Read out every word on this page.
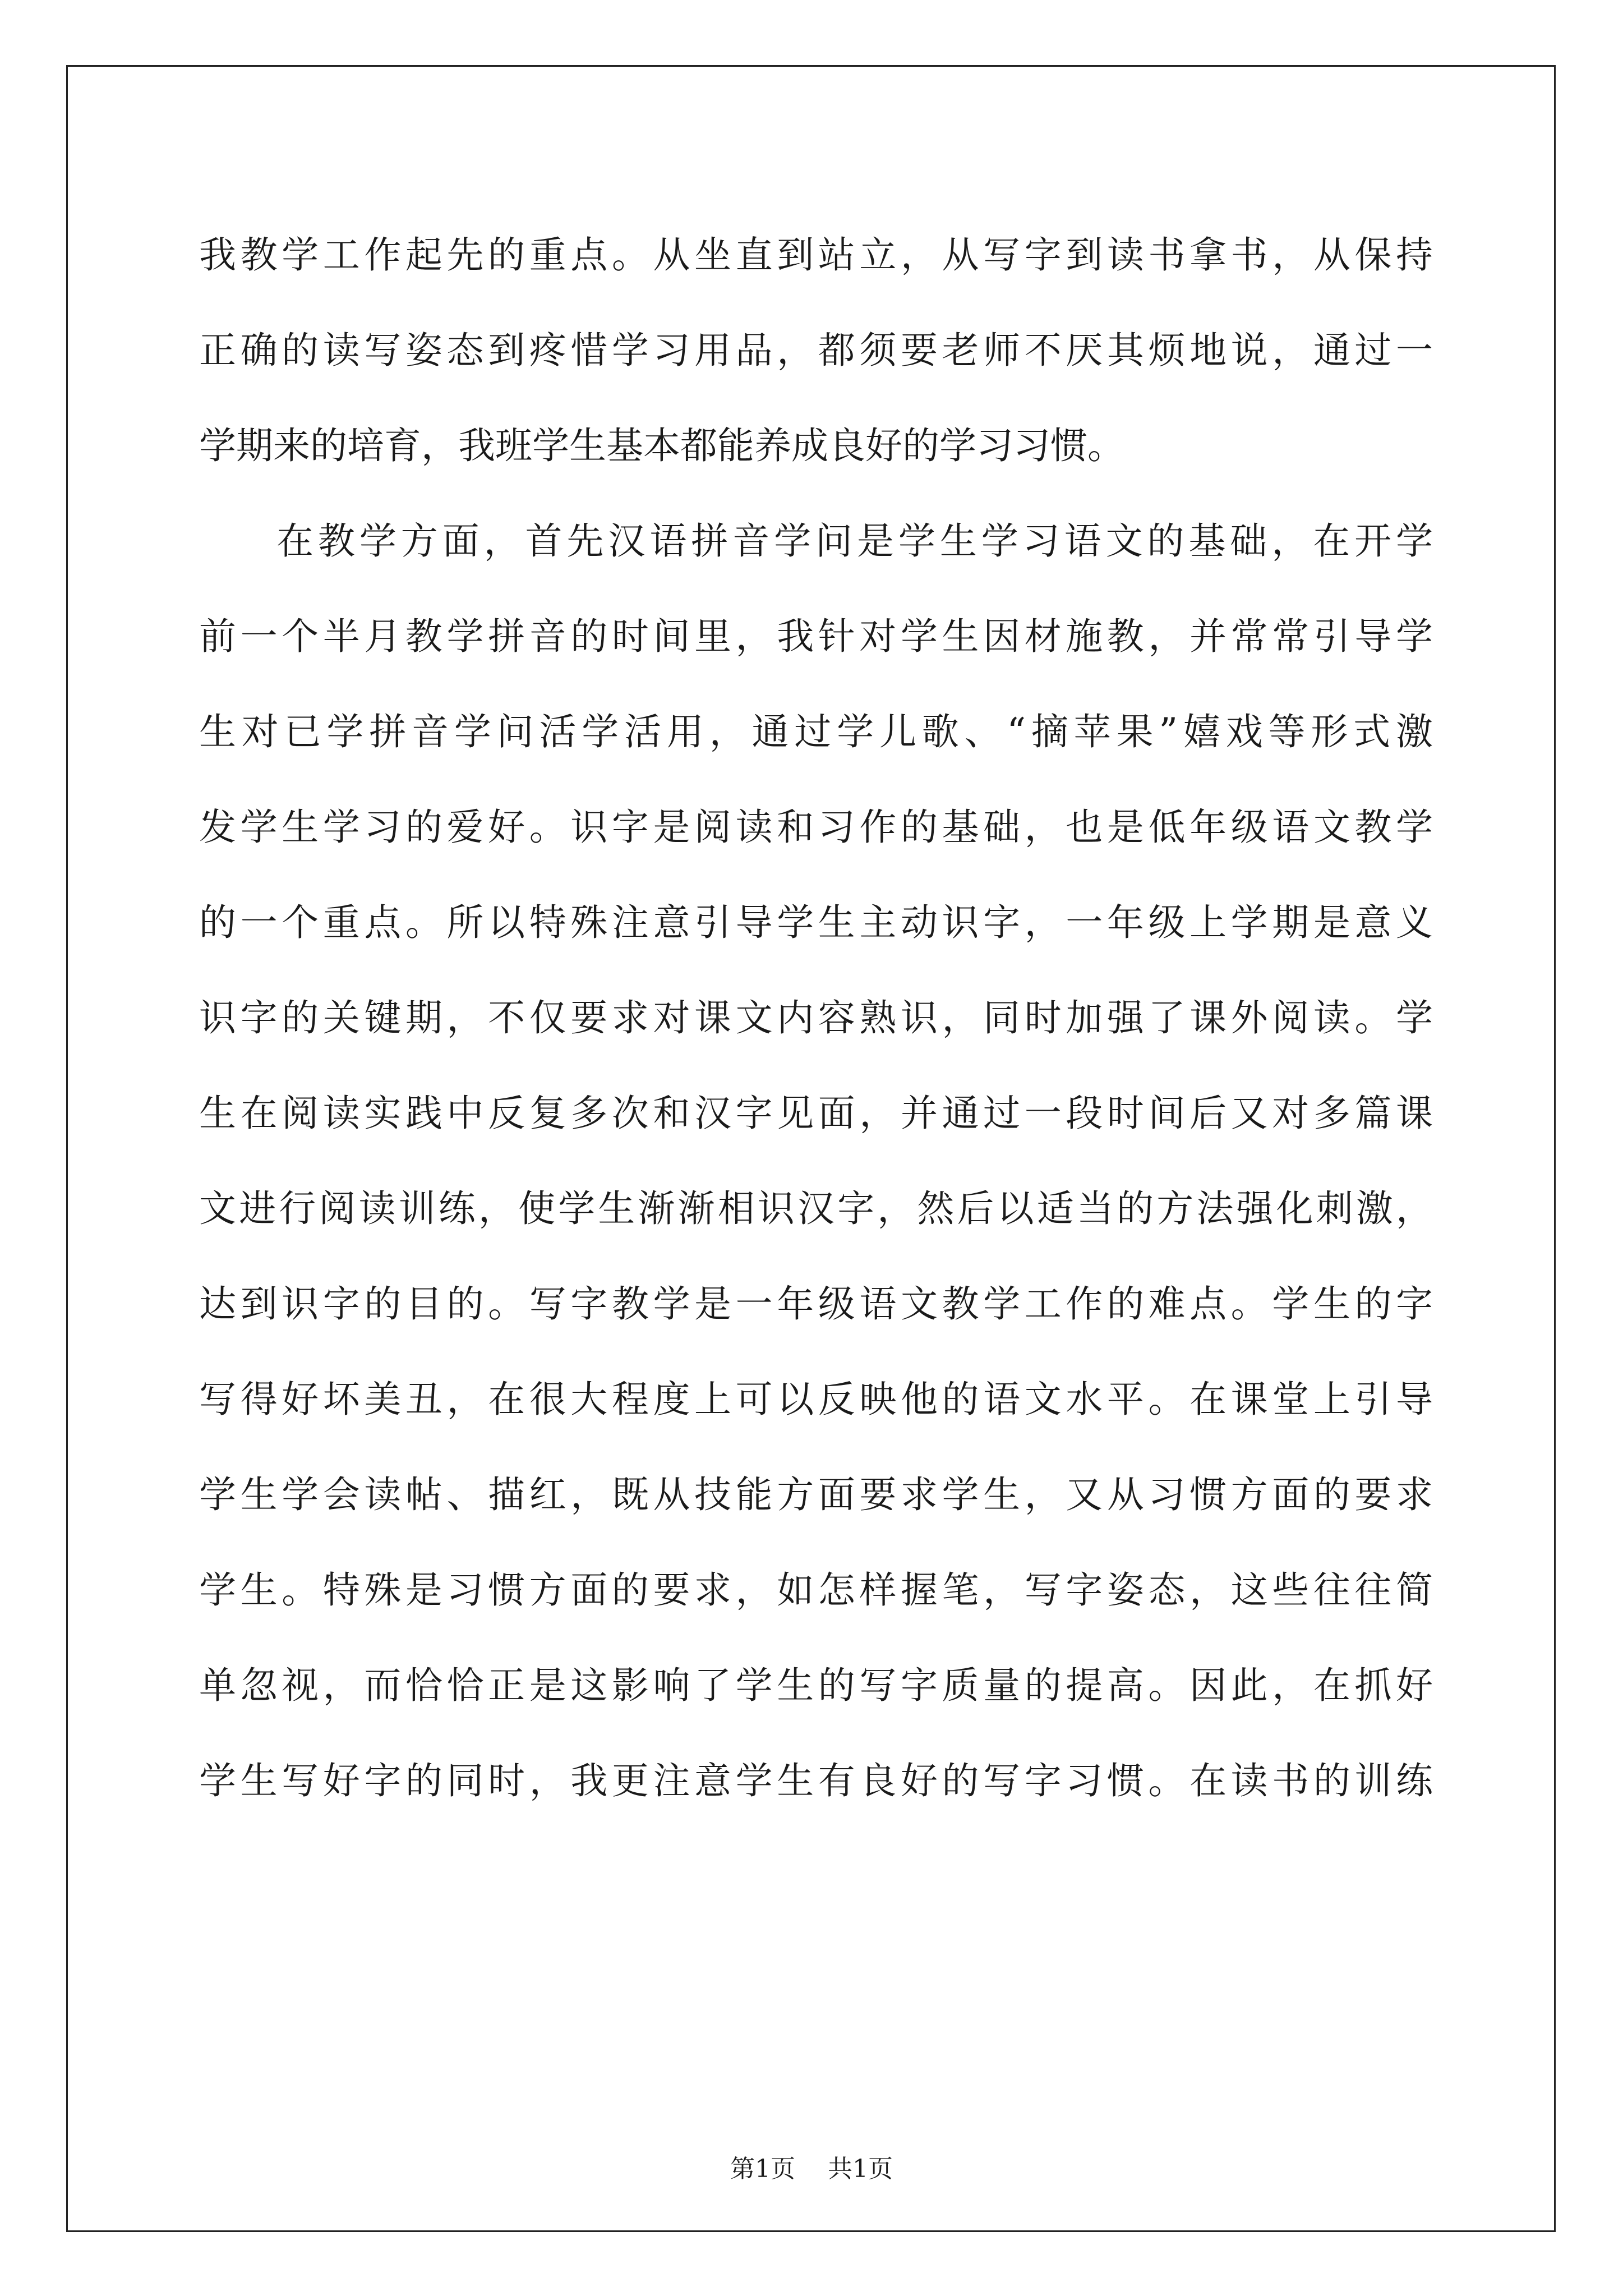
我教学工作起先的重点。从坐直到站立，从写字到读书拿书，从保持
正确的读写姿态到疼惜学习用品，都须要老师不厌其烦地说，通过一
学期来的培育，我班学生基本都能养成良好的学习习惯。
在教学方面，首先汉语拼音学问是学生学习语文的基础，在开学
前一个半月教学拼音的时间里，我针对学生因材施教，并常常引导学
生对已学拼音学问活学活用，通过学儿歌、“摘苹果”嬉戏等形式激
发学生学习的爱好。识字是阅读和习作的基础，也是低年级语文教学
的一个重点。所以特殊注意引导学生主动识字，一年级上学期是意义
识字的关键期，不仅要求对课文内容熟识，同时加强了课外阅读。学
生在阅读实践中反复多次和汉字见面，并通过一段时间后又对多篇课
文进行阅读训练，使学生渐渐相识汉字，然后以适当的方法强化刺激，
达到识字的目的。写字教学是一年级语文教学工作的难点。学生的字
写得好坏美丑，在很大程度上可以反映他的语文水平。在课堂上引导
学生学会读帖、描红，既从技能方面要求学生，又从习惯方面的要求
学生。特殊是习惯方面的要求，如怎样握笔，写字姿态，这些往往简
单忽视，而恰恰正是这影响了学生的写字质量的提高。因此，在抓好
学生写好字的同时，我更注意学生有良好的写字习惯。在读书的训练
第1页 共1页
